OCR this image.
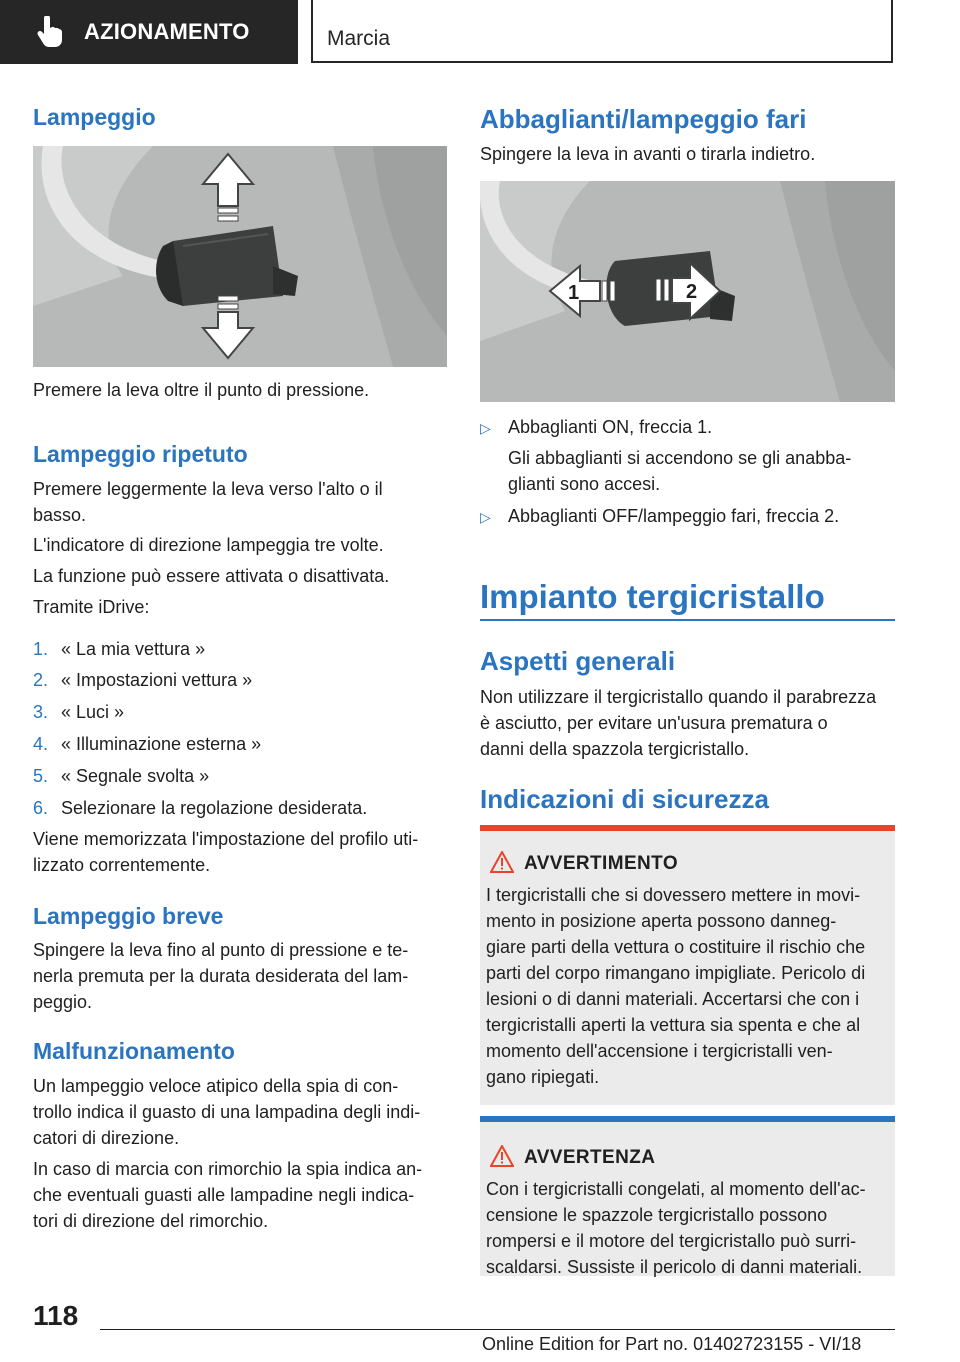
AZIONAMENTO	Marcia
Lampeggio

Premere la leva oltre il punto di pressione.

Lampeggio ripetuto

Premere leggermente la leva verso l'alto o il basso.

L'indicatore di direzione lampeggia tre volte.

La funzione può essere attivata o disattivata.

Tramite iDrive:

1. « La mia vettura »
2. « Impostazioni vettura »
3. « Luci »
4. « Illuminazione esterna »
5. « Segnale svolta »
6. Selezionare la regolazione desiderata.

Viene memorizzata l'impostazione del profilo uti-

lizzato correntemente.

Lampeggio breve

Spingere la leva fino al punto di pressione e te-

nerla premuta per la durata desiderata del lam-

peggio.

Malfunzionamento

Un lampeggio veloce atipico della spia di con-

trollo indica il guasto di una lampadina degli indi-

catori di direzione.

In caso di marcia con rimorchio la spia indica an-

che eventuali guasti alle lampadine negli indica-

tori di direzione del rimorchio.

Abbaglianti/lampeggio fari

Spingere la leva in avanti o tirarla indietro.

1	2
▷ Abbaglianti ON, freccia 1.

Gli abbaglianti si accendono se gli anabba-

glianti sono accesi.

▷ Abbaglianti OFF/lampeggio fari, freccia 2.
Impianto tergicristallo
Aspetti generali

Non utilizzare il tergicristallo quando il parabrezza

è asciutto, per evitare un'usura prematura o

danni della spazzola tergicristallo.

Indicazioni di sicurezza
AVVERTIMENTO

I tergicristalli che si dovessero mettere in movi-

mento in posizione aperta possono danneg-

giare parti della vettura o costituire il rischio che

parti del corpo rimangano impigliate. Pericolo di

lesioni o di danni materiali. Accertarsi che con i

tergicristalli aperti la vettura sia spenta e che al

momento dell'accensione i tergicristalli ven-

gano ripiegati.

AVVERTENZA

Con i tergicristalli congelati, al momento dell'ac-

censione le spazzole tergicristallo possono

rompersi e il motore del tergicristallo può surri-

scaldarsi. Sussiste il pericolo di danni materiali.

118
Online Edition for Part no. 01402723155 - VI/18
